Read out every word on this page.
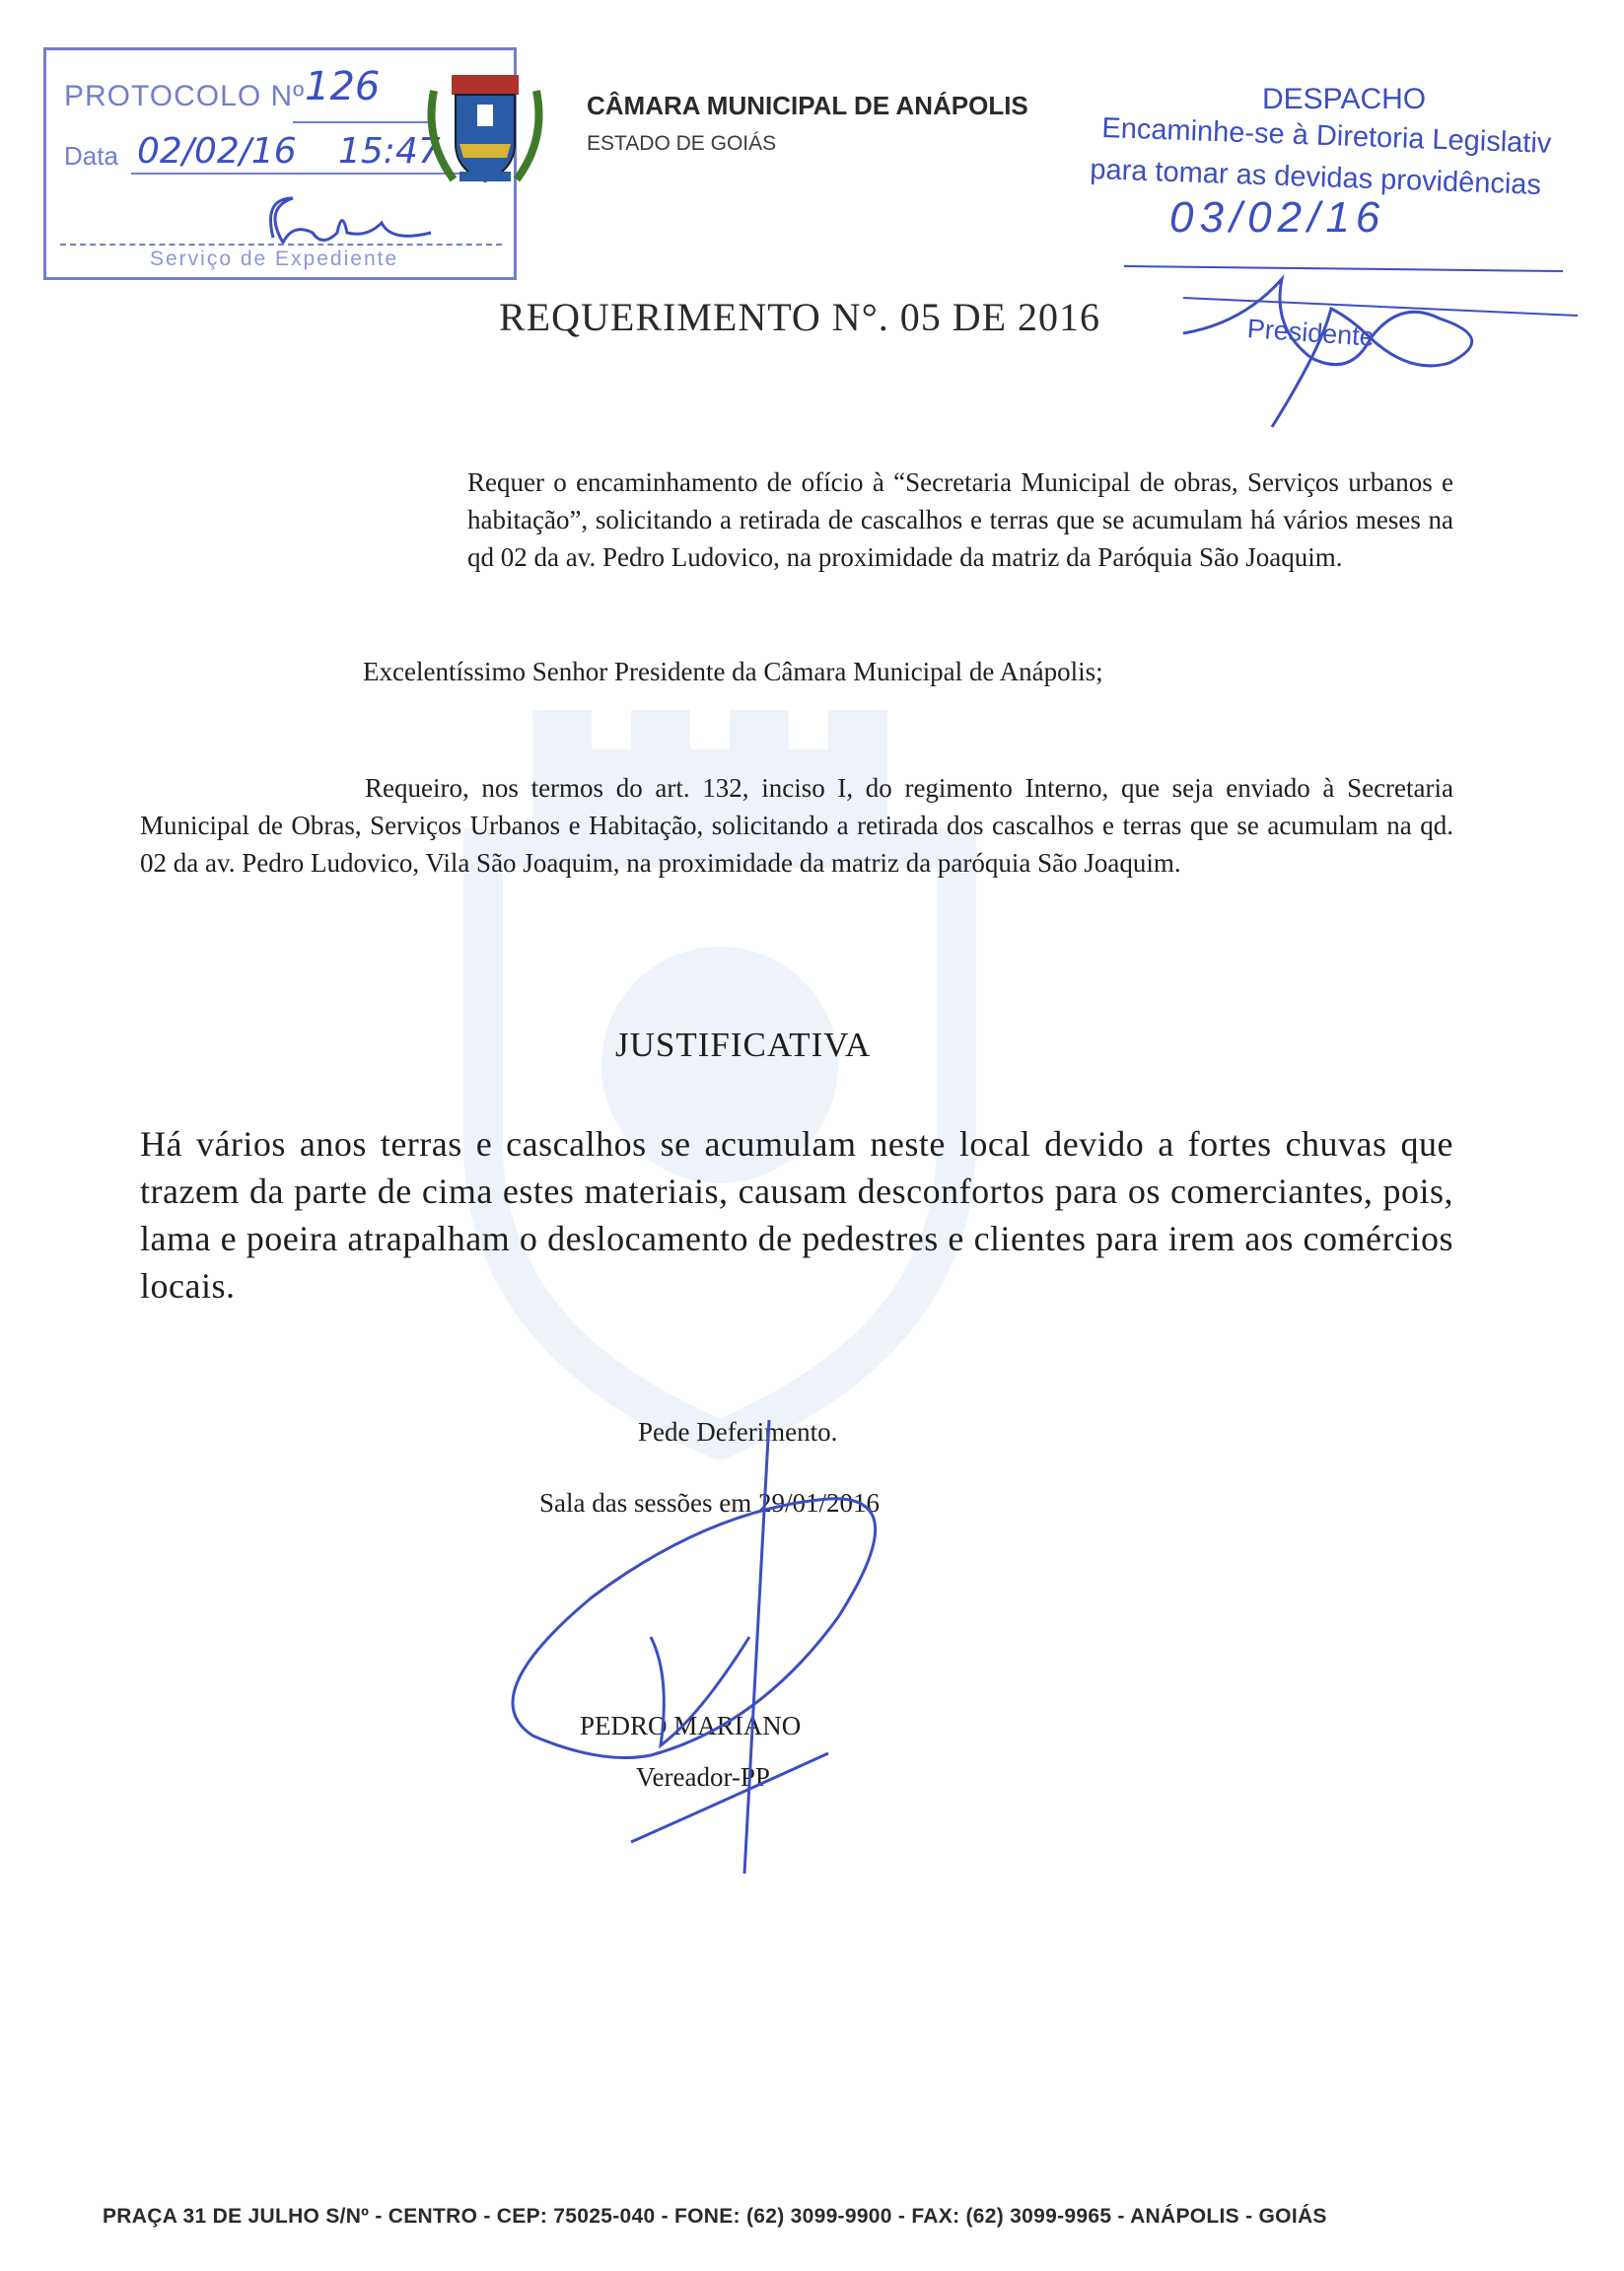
PROTOCOLO Nº 126
Data 02/02/16 15:47
Serviço de Expediente
CÂMARA MUNICIPAL DE ANÁPOLIS
ESTADO DE GOIÁS
DESPACHO
Encaminhe-se à Diretoria Legislativ
para tomar as devidas providências
03/02/16
Presidente
REQUERIMENTO N°. 05 DE 2016
Requer o encaminhamento de ofício à “Secretaria Municipal de obras, Serviços urbanos e habitação”, solicitando a retirada de cascalhos e terras que se acumulam há vários meses na qd 02 da av. Pedro Ludovico, na proximidade da matriz da Paróquia São Joaquim.
Excelentíssimo Senhor Presidente da Câmara Municipal de Anápolis;
Requeiro, nos termos do art. 132, inciso I, do regimento Interno, que seja enviado à Secretaria Municipal de Obras, Serviços Urbanos e Habitação, solicitando a retirada dos cascalhos e terras que se acumulam na qd. 02 da av. Pedro Ludovico, Vila São Joaquim, na proximidade da matriz da paróquia São Joaquim.
JUSTIFICATIVA
Há vários anos terras e cascalhos se acumulam neste local devido a fortes chuvas que trazem da parte de cima estes materiais, causam desconfortos para os comerciantes, pois, lama e poeira atrapalham o deslocamento de pedestres e clientes para irem aos comércios locais.
Pede Deferimento.
Sala das sessões em 29/01/2016
PEDRO MARIANO
Vereador-PP
PRAÇA 31 DE JULHO S/Nº - CENTRO - CEP: 75025-040 - FONE: (62) 3099-9900 - FAX: (62) 3099-9965 - ANÁPOLIS - GOIÁS
